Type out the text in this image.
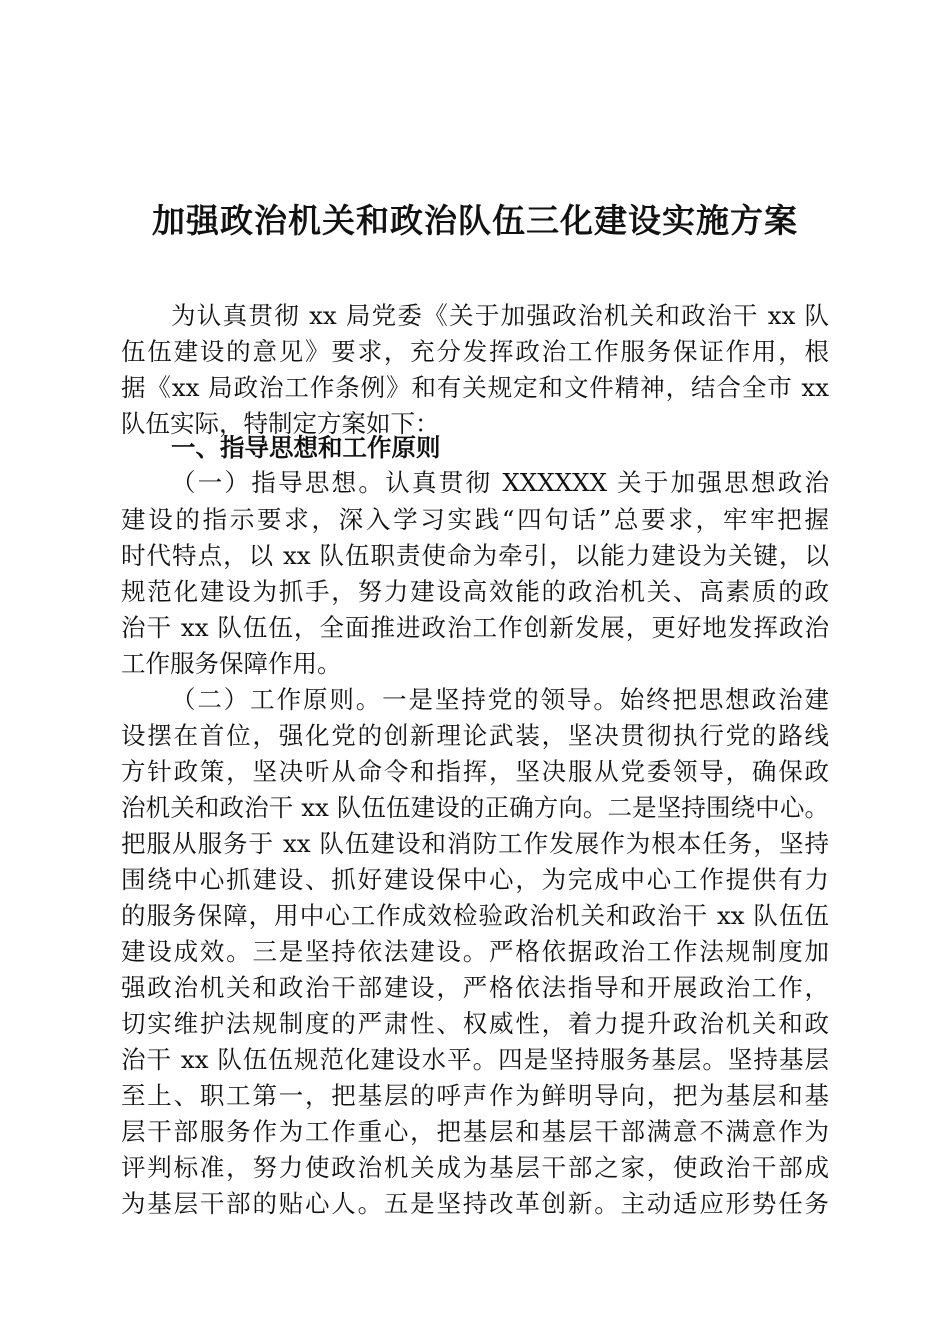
加强政治机关和政治队伍三化建设实施方案
为认真贯彻 xx 局党委《关于加强政治机关和政治干 xx 队
伍伍建设的意见》要求，充分发挥政治工作服务保证作用，根
据《xx 局政治工作条例》和有关规定和文件精神，结合全市 xx
队伍实际，特制定方案如下：
一、指导思想和工作原则
（一）指导思想。认真贯彻 XXXXXX 关于加强思想政治
建设的指示要求，深入学习实践“四句话”总要求，牢牢把握
时代特点，以 xx 队伍职责使命为牵引，以能力建设为关键，以
规范化建设为抓手，努力建设高效能的政治机关、高素质的政
治干 xx 队伍伍，全面推进政治工作创新发展，更好地发挥政治
工作服务保障作用。
（二）工作原则。一是坚持党的领导。始终把思想政治建
设摆在首位，强化党的创新理论武装，坚决贯彻执行党的路线
方针政策，坚决听从命令和指挥，坚决服从党委领导，确保政
治机关和政治干 xx 队伍伍建设的正确方向。二是坚持围绕中心。
把服从服务于 xx 队伍建设和消防工作发展作为根本任务，坚持
围绕中心抓建设、抓好建设保中心，为完成中心工作提供有力
的服务保障，用中心工作成效检验政治机关和政治干 xx 队伍伍
建设成效。三是坚持依法建设。严格依据政治工作法规制度加
强政治机关和政治干部建设，严格依法指导和开展政治工作，
切实维护法规制度的严肃性、权威性，着力提升政治机关和政
治干 xx 队伍伍规范化建设水平。四是坚持服务基层。坚持基层
至上、职工第一，把基层的呼声作为鲜明导向，把为基层和基
层干部服务作为工作重心，把基层和基层干部满意不满意作为
评判标准，努力使政治机关成为基层干部之家，使政治干部成
为基层干部的贴心人。五是坚持改革创新。主动适应形势任务
